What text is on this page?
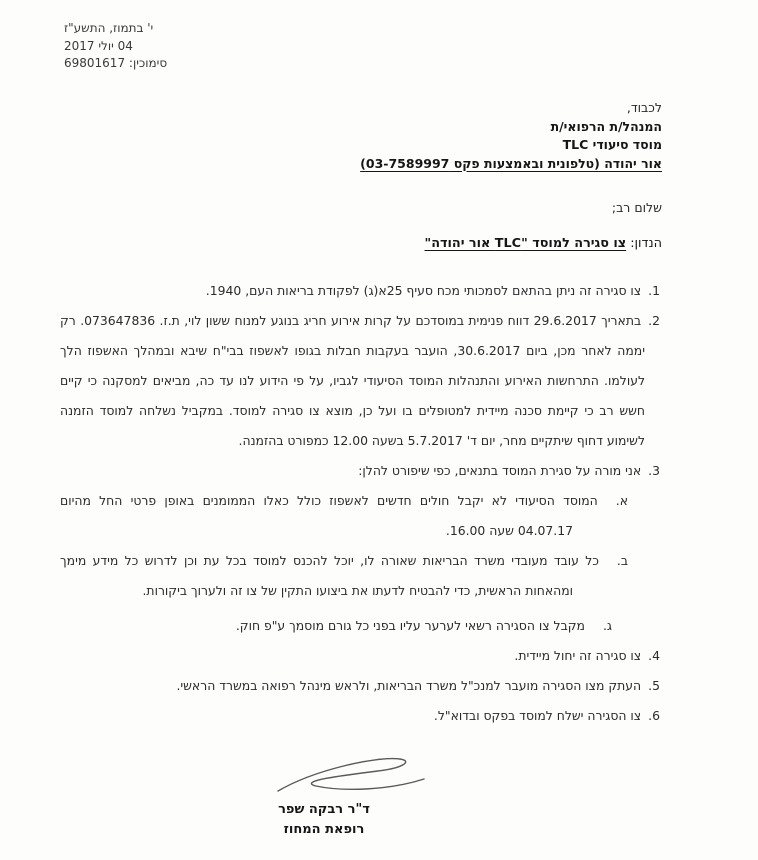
י' בתמוז, התשע"ז
04 יולי 2017
סימוכין: 69801617
לכבוד,
המנהל/ת הרפואי/ת
מוסד סיעודי TLC
אור יהודה (טלפונית ובאמצעות פקס 03-7589997)
שלום רב;
הנדון: צו סגירה למוסד "TLC אור יהודה"

1.צו סגירה זה ניתן בהתאם לסמכותי מכח סעיף 25א(ג) לפקודת בריאות העם, 1940.

2.בתאריך 29.6.2017 דווח פנימית במוסדכם על קרות אירוע חריג בנוגע למנוח ששון לוי, ת.ז. 073647836. רק יממה לאחר מכן, ביום 30.6.2017, הועבר בעקבות חבלות בגופו לאשפוז בבי"ח שיבא ובמהלך האשפוז הלך לעולמו. התרחשות האירוע והתנהלות המוסד הסיעודי לגביו, על פי הידוע לנו עד כה, מביאים למסקנה כי קיים חשש רב כי קיימת סכנה מיידית למטופלים בו ועל כן, מוצא צו סגירה למוסד. במקביל נשלחה למוסד הזמנה לשימוע דחוף שיתקיים מחר, יום ד' 5.7.2017 בשעה 12.00 כמפורט בהזמנה.

3.אני מורה על סגירת המוסד בתנאים, כפי שיפורט להלן:

א.המוסד הסיעודי לא יקבל חולים חדשים לאשפוז כולל כאלו הממומנים באופן פרטי החל מהיום 04.07.17 שעה 16.00.

ב.כל עובד מעובדי משרד הבריאות שאורה לו, יוכל להכנס למוסד בכל עת וכן לדרוש כל מידע מימך ומהאחות הראשית, כדי להבטיח לדעתו את ביצועו התקין של צו זה ולערוך ביקורות.

ג.מקבל צו הסגירה רשאי לערער עליו בפני כל גורם מוסמך ע"פ חוק.

4.צו סגירה זה יחול מיידית.

5.העתק מצו הסגירה מועבר למנכ"ל משרד הבריאות, ולראש מינהל רפואה במשרד הראשי.

6.צו הסגירה ישלח למוסד בפקס ובדוא"ל.

ד"ר רבקה שפר
רופאת המחוז
